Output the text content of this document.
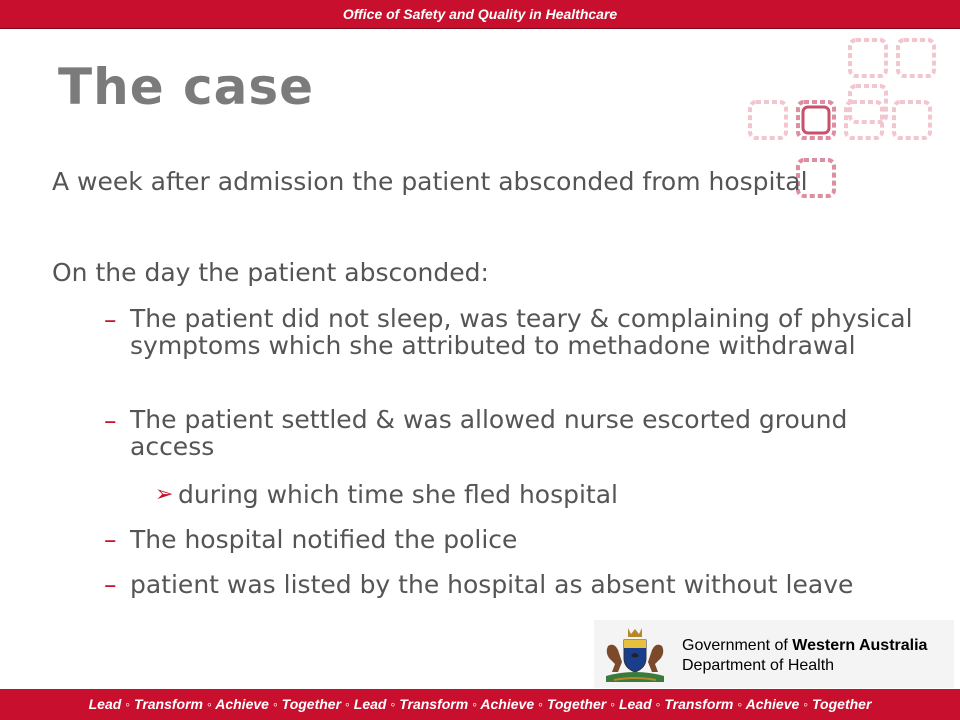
Office of Safety and Quality in Healthcare
The case
A week after admission the patient absconded from hospital
On the day the patient absconded:
– The patient did not sleep, was teary & complaining of physical symptoms which she attributed to methadone withdrawal
– The patient settled & was allowed nurse escorted ground access
➢ during which time she fled hospital
– The hospital notified the police
– patient was listed by the hospital as absent without leave
Government of Western Australia
Department of Health
Lead ◦ Transform ◦ Achieve ◦ Together ◦ Lead ◦ Transform ◦ Achieve ◦ Together ◦ Lead ◦ Transform ◦ Achieve ◦ Together
